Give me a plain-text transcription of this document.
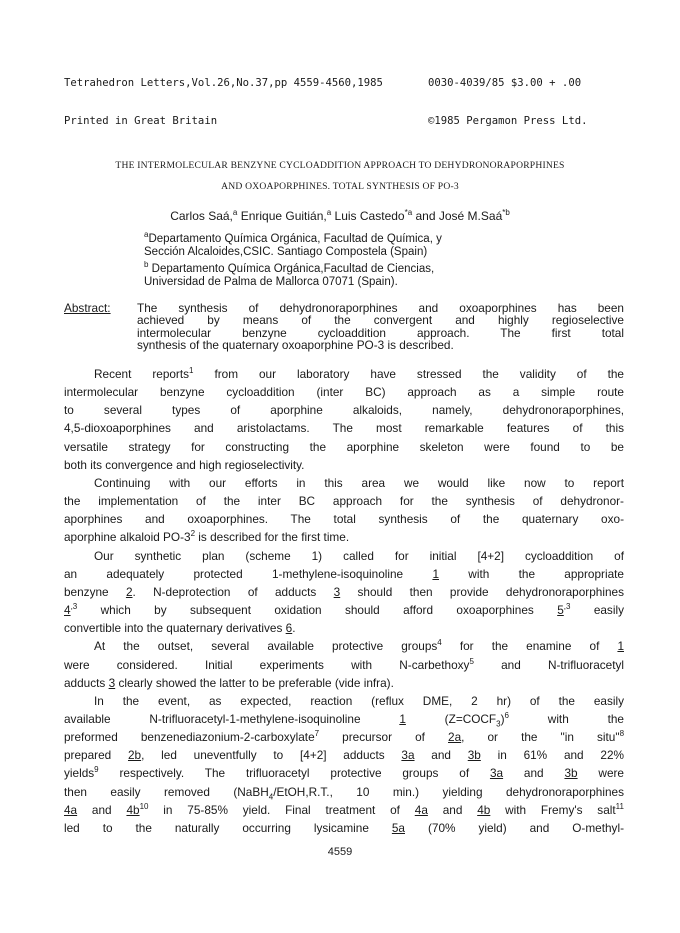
Tetrahedron Letters,Vol.26,No.37,pp 4559-4560,1985

Printed in Great Britain

0030-4039/85 $3.00 + .00

©1985 Pergamon Press Ltd.

THE INTERMOLECULAR BENZYNE CYCLOADDITION APPROACH TO DEHYDRONORAPORPHINES
AND OXOAPORPHINES. TOTAL SYNTHESIS OF PO-3
Carlos Saá,$^a$ Enrique Guitián,$^a$ Luis Castedo$^{*a}$ and José M.Saá$^{*b}$
$^a$Departamento Química Orgánica, Facultad de Química, y
Sección Alcaloides,CSIC. Santiago Compostela (Spain)
$^b$ Departamento Química Orgánica,Facultad de Ciencias,
Universidad de Palma de Mallorca 07071 (Spain).
Abstract: The synthesis of dehydronoraporphines and oxoaporphines has been
achieved by means of the convergent and highly regioselective
intermolecular benzyne cycloaddition approach. The first total
synthesis of the quaternary oxoaporphine PO-3 is described.
Recent reports$^1$ from our laboratory have stressed the validity of the
intermolecular benzyne cycloaddition (inter BC) approach as a simple route
to several types of aporphine alkaloids, namely, dehydronoraporphines,
4,5-dioxoaporphines and aristolactams. The most remarkable features of this
versatile strategy for constructing the aporphine skeleton were found to be
both its convergence and high regioselectivity.
Continuing with our efforts in this area we would like now to report
the implementation of the inter BC approach for the synthesis of dehydronor-
aporphines and oxoaporphines. The total synthesis of the quaternary oxo-
aporphine alkaloid $PO-3^2$ is described for the first time.
Our synthetic plan (scheme 1) called for initial [4+2] cycloaddition of
an adequately protected 1-methylene-isoquinoline 1 with the appropriate
benzyne 2. N-deprotection of adducts 3 should then provide dehydronoraporphines
$4^{,3}$ which by subsequent oxidation should afford oxoaporphines $5^{,3}$ easily
convertible into the quaternary derivatives 6.
At the outset, several available protective groups$^4$ for the enamine of 1
were considered. Initial experiments with N-carbethoxy$^5$ and N-trifluoracetyl
adducts 3 clearly showed the latter to be preferable (vide infra).
In the event, as expected, reaction (reflux DME, 2 hr) of the easily
available N-trifluoracetyl-1-methylene-isoquinoline 1 $(Z=COCF_3)^6$ with the
preformed benzenediazonium-2-carboxylate$^7$ precursor of 2a, or the "in situ"$^8$
prepared 2b, led uneventfully to [4+2] adducts 3a and 3b in 61% and 22%
yields$^9$ respectively. The trifluoracetyl protective groups of 3a and 3b were
then easily removed (NaBH$_4$/EtOH,R.T., 10 min.) yielding dehydronoraporphines
4a and $4b^{10}$ in 75-85% yield. Final treatment of 4a and 4b with Fremy's salt$^{11}$
led to the naturally occurring lysicamine 5a (70% yield) and O-methyl-
4559
